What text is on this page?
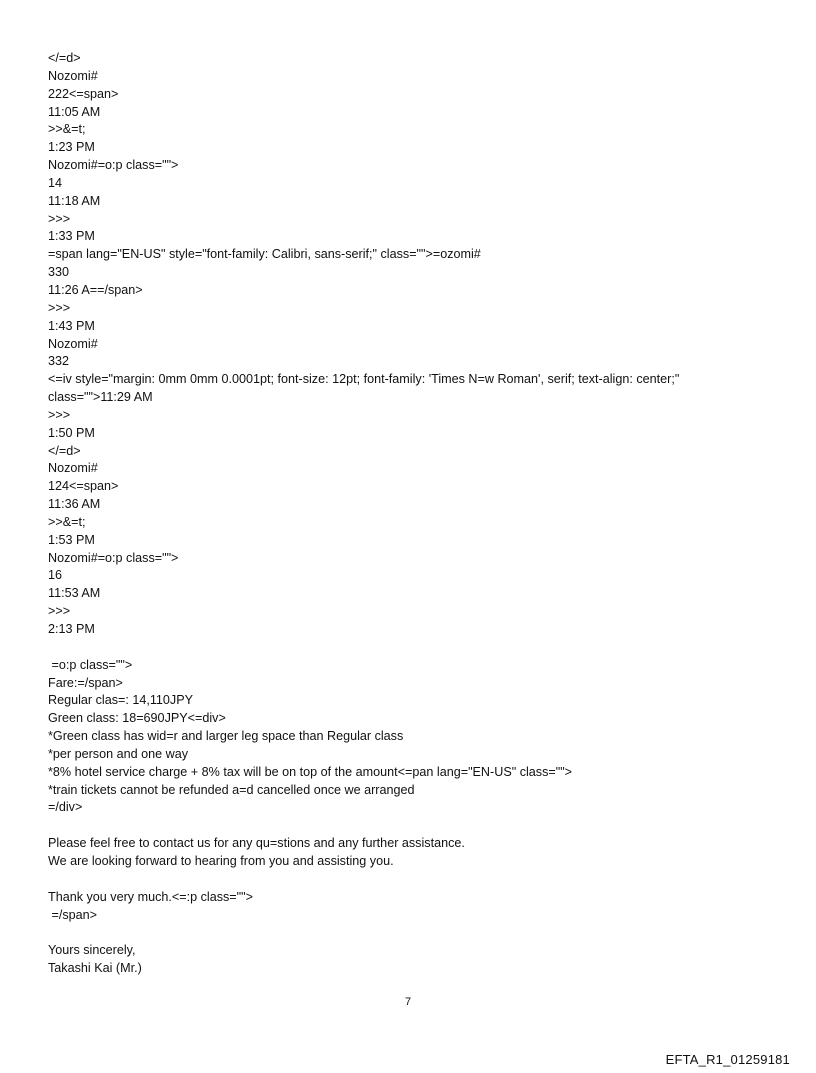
</=d>
Nozomi#
222<=span>
11:05 AM
>>&=t;
1:23 PM
Nozomi#=o:p class="">
14
11:18 AM
>>>
1:33 PM
=span lang="EN-US" style="font-family: Calibri, sans-serif;" class="">=ozomi#
330
11:26 A==/span>
>>>
1:43 PM
Nozomi#
332
<=iv style="margin: 0mm 0mm 0.0001pt; font-size: 12pt; font-family: 'Times N=w Roman', serif; text-align: center;"
class="">11:29 AM
>>>
1:50 PM
</=d>
Nozomi#
124<=span>
11:36 AM
>>&=t;
1:53 PM
Nozomi#=o:p class="">
16
11:53 AM
>>>
2:13 PM
=o:p class="">
Fare:=/span>
Regular clas=: 14,110JPY
Green class: 18=690JPY<=div>
*Green class has wid=r and larger leg space than Regular class
*per person and one way
*8% hotel service charge + 8% tax will be on top of the amount<=pan lang="EN-US" class="">
*train tickets cannot be refunded a=d cancelled once we arranged
=/div>
Please feel free to contact us for any qu=stions and any further assistance.
We are looking forward to hearing from you and assisting you.
Thank you very much.<=:p class="">
=/span>
Yours sincerely,
Takashi Kai (Mr.)
7
EFTA_R1_01259181
